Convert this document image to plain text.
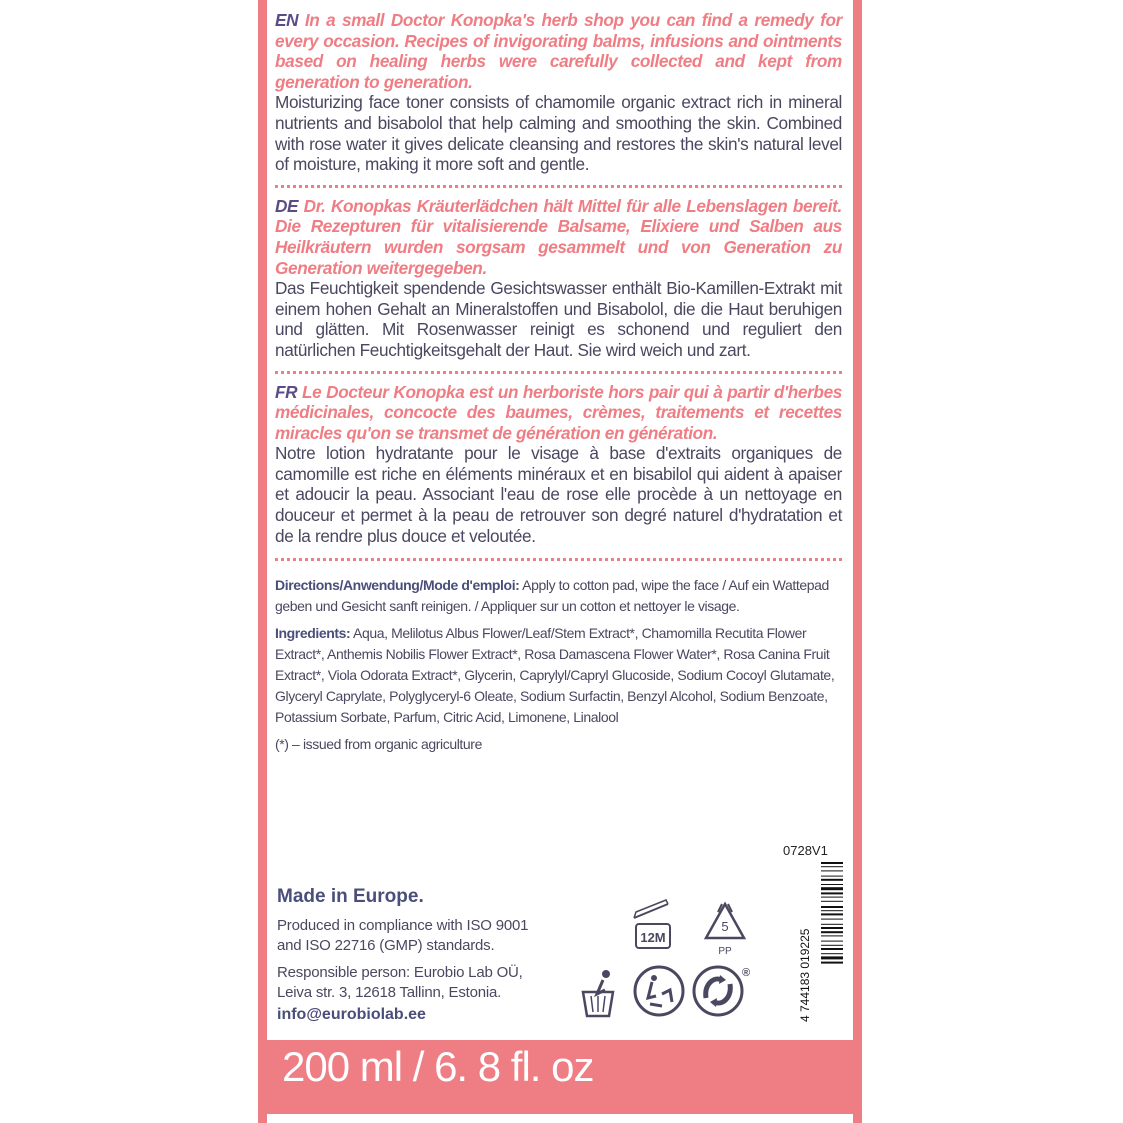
EN In a small Doctor Konopka's herb shop you can find a remedy for every occasion. Recipes of invigorating balms, infusions and ointments based on healing herbs were carefully collected and kept from generation to generation.
Moisturizing face toner consists of chamomile organic extract rich in mineral nutrients and bisabolol that help calming and smoothing the skin. Combined with rose water it gives delicate cleansing and restores the skin's natural level of moisture, making it more soft and gentle.
DE Dr. Konopkas Kräuterlädchen hält Mittel für alle Lebenslagen bereit. Die Rezepturen für vitalisierende Balsame, Elixiere und Salben aus Heilkräutern wurden sorgsam gesammelt und von Generation zu Generation weitergegeben.
Das Feuchtigkeit spendende Gesichtswasser enthält Bio-Kamillen-Extrakt mit einem hohen Gehalt an Mineralstoffen und Bisabolol, die die Haut beruhigen und glätten. Mit Rosenwasser reinigt es schonend und reguliert den natürlichen Feuchtigkeitsgehalt der Haut. Sie wird weich und zart.
FR Le Docteur Konopka est un herboriste hors pair qui à partir d'herbes médicinales, concocte des baumes, crèmes, traitements et recettes miracles qu'on se transmet de génération en génération.
Notre lotion hydratante pour le visage à base d'extraits organiques de camomille est riche en éléments minéraux et en bisabilol qui aident à apaiser et adoucir la peau. Associant l'eau de rose elle procède à un nettoyage en douceur et permet à la peau de retrouver son degré naturel d'hydratation et de la rendre plus douce et veloutée.
Directions/Anwendung/Mode d'emploi: Apply to cotton pad, wipe the face / Auf ein Wattepad geben und Gesicht sanft reinigen. / Appliquer sur un cotton et nettoyer le visage.
Ingredients: Aqua, Melilotus Albus Flower/Leaf/Stem Extract*, Chamomilla Recutita Flower Extract*, Anthemis Nobilis Flower Extract*, Rosa Damascena Flower Water*, Rosa Canina Fruit Extract*, Viola Odorata Extract*, Glycerin, Caprylyl/Capryl Glucoside, Sodium Cocoyl Glutamate, Glyceryl Caprylate, Polyglyceryl-6 Oleate, Sodium Surfactin, Benzyl Alcohol, Sodium Benzoate, Potassium Sorbate, Parfum, Citric Acid, Limonene, Linalool
(*) – issued from organic agriculture
0728V1
Made in Europe.
Produced in compliance with ISO 9001
and ISO 22716 (GMP) standards.
Responsible person: Eurobio Lab OÜ,
Leiva str. 3, 12618 Tallinn, Estonia.
info@eurobiolab.ee
12M
5
PP
®	4 744183 019225
200 ml / 6. 8 fl. oz
